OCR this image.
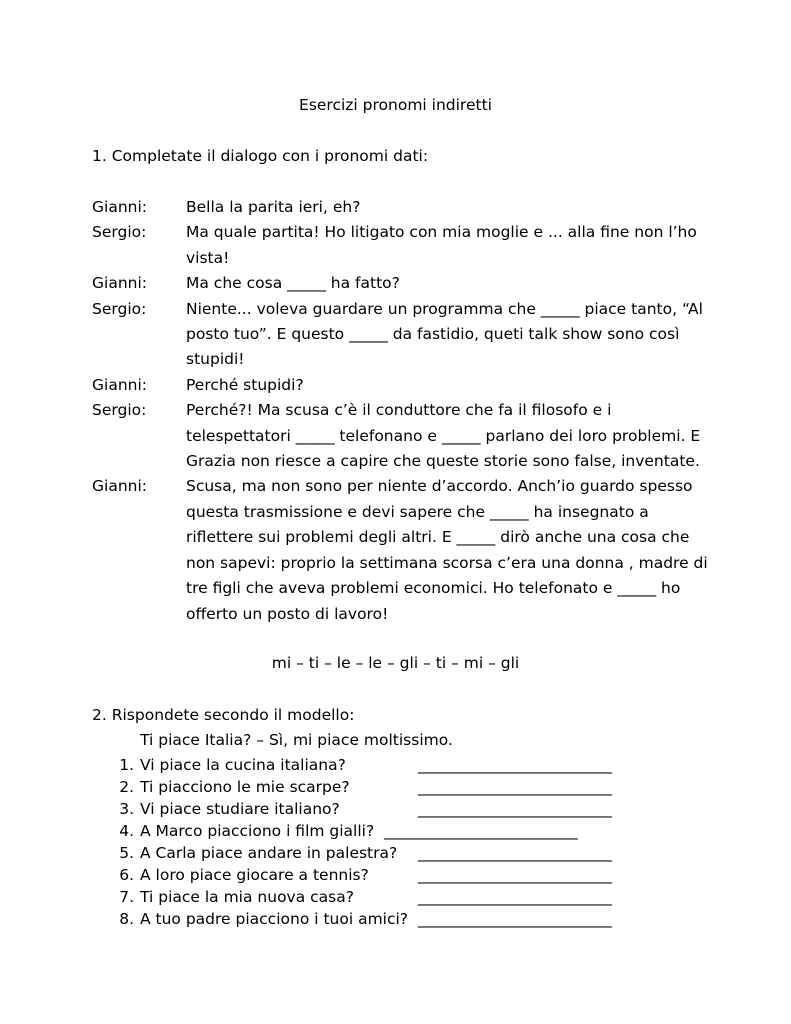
Esercizi pronomi indiretti
1. Completate il dialogo con i pronomi dati:
Gianni:	Bella la parita ieri, eh?
Sergio:	Ma quale partita! Ho litigato con mia moglie e ... alla fine non l’ho vista!
Gianni:	Ma che cosa _____ ha fatto?
Sergio:	Niente... voleva guardare un programma che _____ piace tanto, “Al posto tuo”. E questo _____ da fastidio, queti talk show sono così stupidi!
Gianni:	Perché stupidi?
Sergio:	Perché?! Ma scusa c’è il conduttore che fa il filosofo e i telespettatori _____ telefonano e _____ parlano dei loro problemi. E Grazia non riesce a capire che queste storie sono false, inventate.
Gianni:	Scusa, ma non sono per niente d’accordo. Anch’io guardo spesso questa trasmissione e devi sapere che _____ ha insegnato a riflettere sui problemi degli altri. E _____ dirò anche una cosa che non sapevi: proprio la settimana scorsa c’era una donna , madre di tre figli che aveva problemi economici. Ho telefonato e _____ ho offerto un posto di lavoro!
mi – ti – le – le – gli – ti – mi – gli
2. Rispondete secondo il modello:
Ti piace Italia? – Sì, mi piace moltissimo.
1. Vi piace la cucina italiana?	_________________________
2. Ti piacciono le mie scarpe?	_________________________
3. Vi piace studiare italiano?	_________________________
4. A Marco piacciono i film gialli? _________________________
5. A Carla piace andare in palestra? _________________________
6. A loro piace giocare a tennis?	_________________________
7. Ti piace la mia nuova casa?	_________________________
8. A tuo padre piacciono i tuoi amici? _________________________
